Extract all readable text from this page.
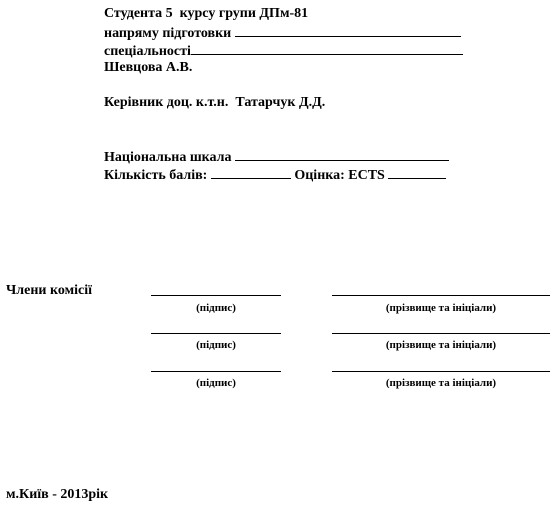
Студента 5  курсу групи ДПм-81
напряму підготовки
спеціальності
Шевцова А.В.
Керівник доц. к.т.н.  Татарчук Д.Д.
Національна шкала
Кількість балів:	Оцінка: ECTS
Члени комісії
(підпис)	(прізвище та ініціали)
(підпис)	(прізвище та ініціали)
(підпис)	(прізвище та ініціали)
м.Київ - 2013рік
